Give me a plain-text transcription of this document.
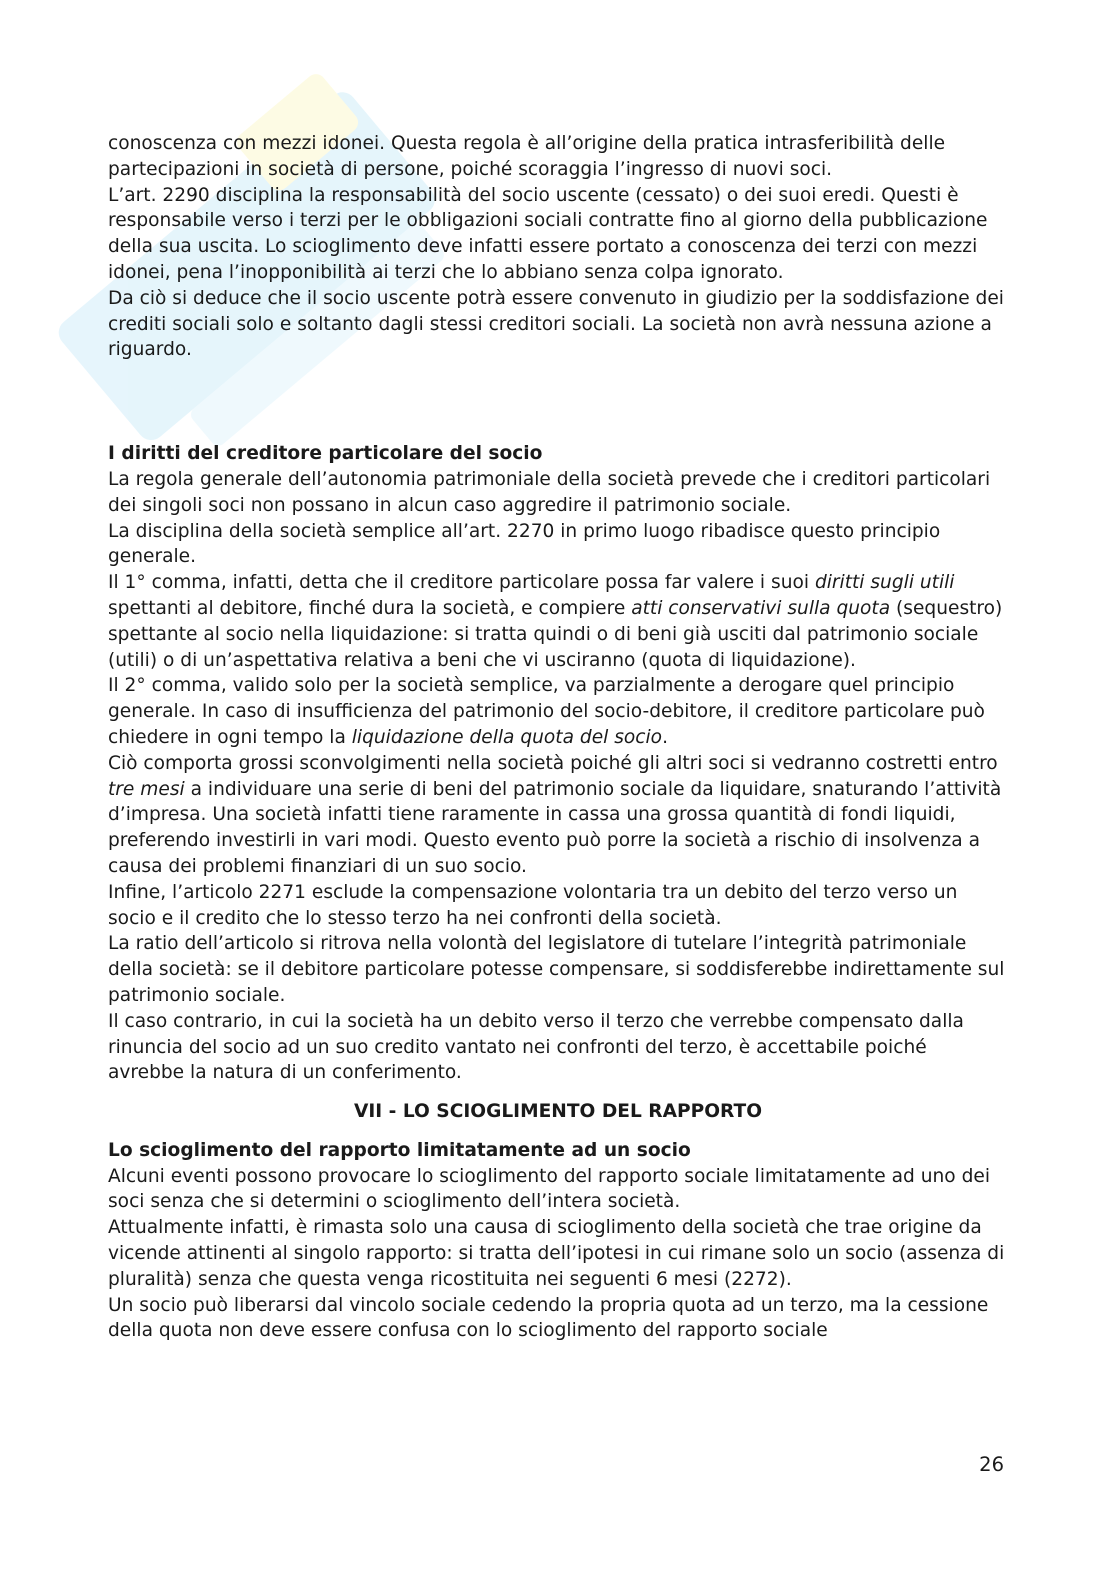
conoscenza con mezzi idonei. Questa regola è all’origine della pratica intrasferibilità delle partecipazioni in società di persone, poiché scoraggia l’ingresso di nuovi soci.

L’art. 2290 disciplina la responsabilità del socio uscente (cessato) o dei suoi eredi. Questi è responsabile verso i terzi per le obbligazioni sociali contratte fino al giorno della pubblicazione della sua uscita. Lo scioglimento deve infatti essere portato a conoscenza dei terzi con mezzi idonei, pena l’inopponibilità ai terzi che lo abbiano senza colpa ignorato.

Da ciò si deduce che il socio uscente potrà essere convenuto in giudizio per la soddisfazione dei crediti sociali solo e soltanto dagli stessi creditori sociali. La società non avrà nessuna azione a riguardo.

I diritti del creditore particolare del socio

La regola generale dell’autonomia patrimoniale della società prevede che i creditori particolari dei singoli soci non possano in alcun caso aggredire il patrimonio sociale.

La disciplina della società semplice all’art. 2270 in primo luogo ribadisce questo principio generale.

Il 1° comma, infatti, detta che il creditore particolare possa far valere i suoi diritti sugli utili spettanti al debitore, finché dura la società, e compiere atti conservativi sulla quota (sequestro) spettante al socio nella liquidazione: si tratta quindi o di beni già usciti dal patrimonio sociale (utili) o di un’aspettativa relativa a beni che vi usciranno (quota di liquidazione).

Il 2° comma, valido solo per la società semplice, va parzialmente a derogare quel principio generale. In caso di insufficienza del patrimonio del socio-debitore, il creditore particolare può chiedere in ogni tempo la liquidazione della quota del socio.

Ciò comporta grossi sconvolgimenti nella società poiché gli altri soci si vedranno costretti entro tre mesi a individuare una serie di beni del patrimonio sociale da liquidare, snaturando l’attività d’impresa. Una società infatti tiene raramente in cassa una grossa quantità di fondi liquidi, preferendo investirli in vari modi. Questo evento può porre la società a rischio di insolvenza a causa dei problemi finanziari di un suo socio.

Infine, l’articolo 2271 esclude la compensazione volontaria tra un debito del terzo verso un socio e il credito che lo stesso terzo ha nei confronti della società.

La ratio dell’articolo si ritrova nella volontà del legislatore di tutelare l’integrità patrimoniale della società: se il debitore particolare potesse compensare, si soddisferebbe indirettamente sul patrimonio sociale.

Il caso contrario, in cui la società ha un debito verso il terzo che verrebbe compensato dalla rinuncia del socio ad un suo credito vantato nei confronti del terzo, è accettabile poiché avrebbe la natura di un conferimento.

VII - LO SCIOGLIMENTO DEL RAPPORTO

Lo scioglimento del rapporto limitatamente ad un socio

Alcuni eventi possono provocare lo scioglimento del rapporto sociale limitatamente ad uno dei soci senza che si determini o scioglimento dell’intera società.

Attualmente infatti, è rimasta solo una causa di scioglimento della società che trae origine da vicende attinenti al singolo rapporto: si tratta dell’ipotesi in cui rimane solo un socio (assenza di pluralità) senza che questa venga ricostituita nei seguenti 6 mesi (2272).

Un socio può liberarsi dal vincolo sociale cedendo la propria quota ad un terzo, ma la cessione della quota non deve essere confusa con lo scioglimento del rapporto sociale

26
